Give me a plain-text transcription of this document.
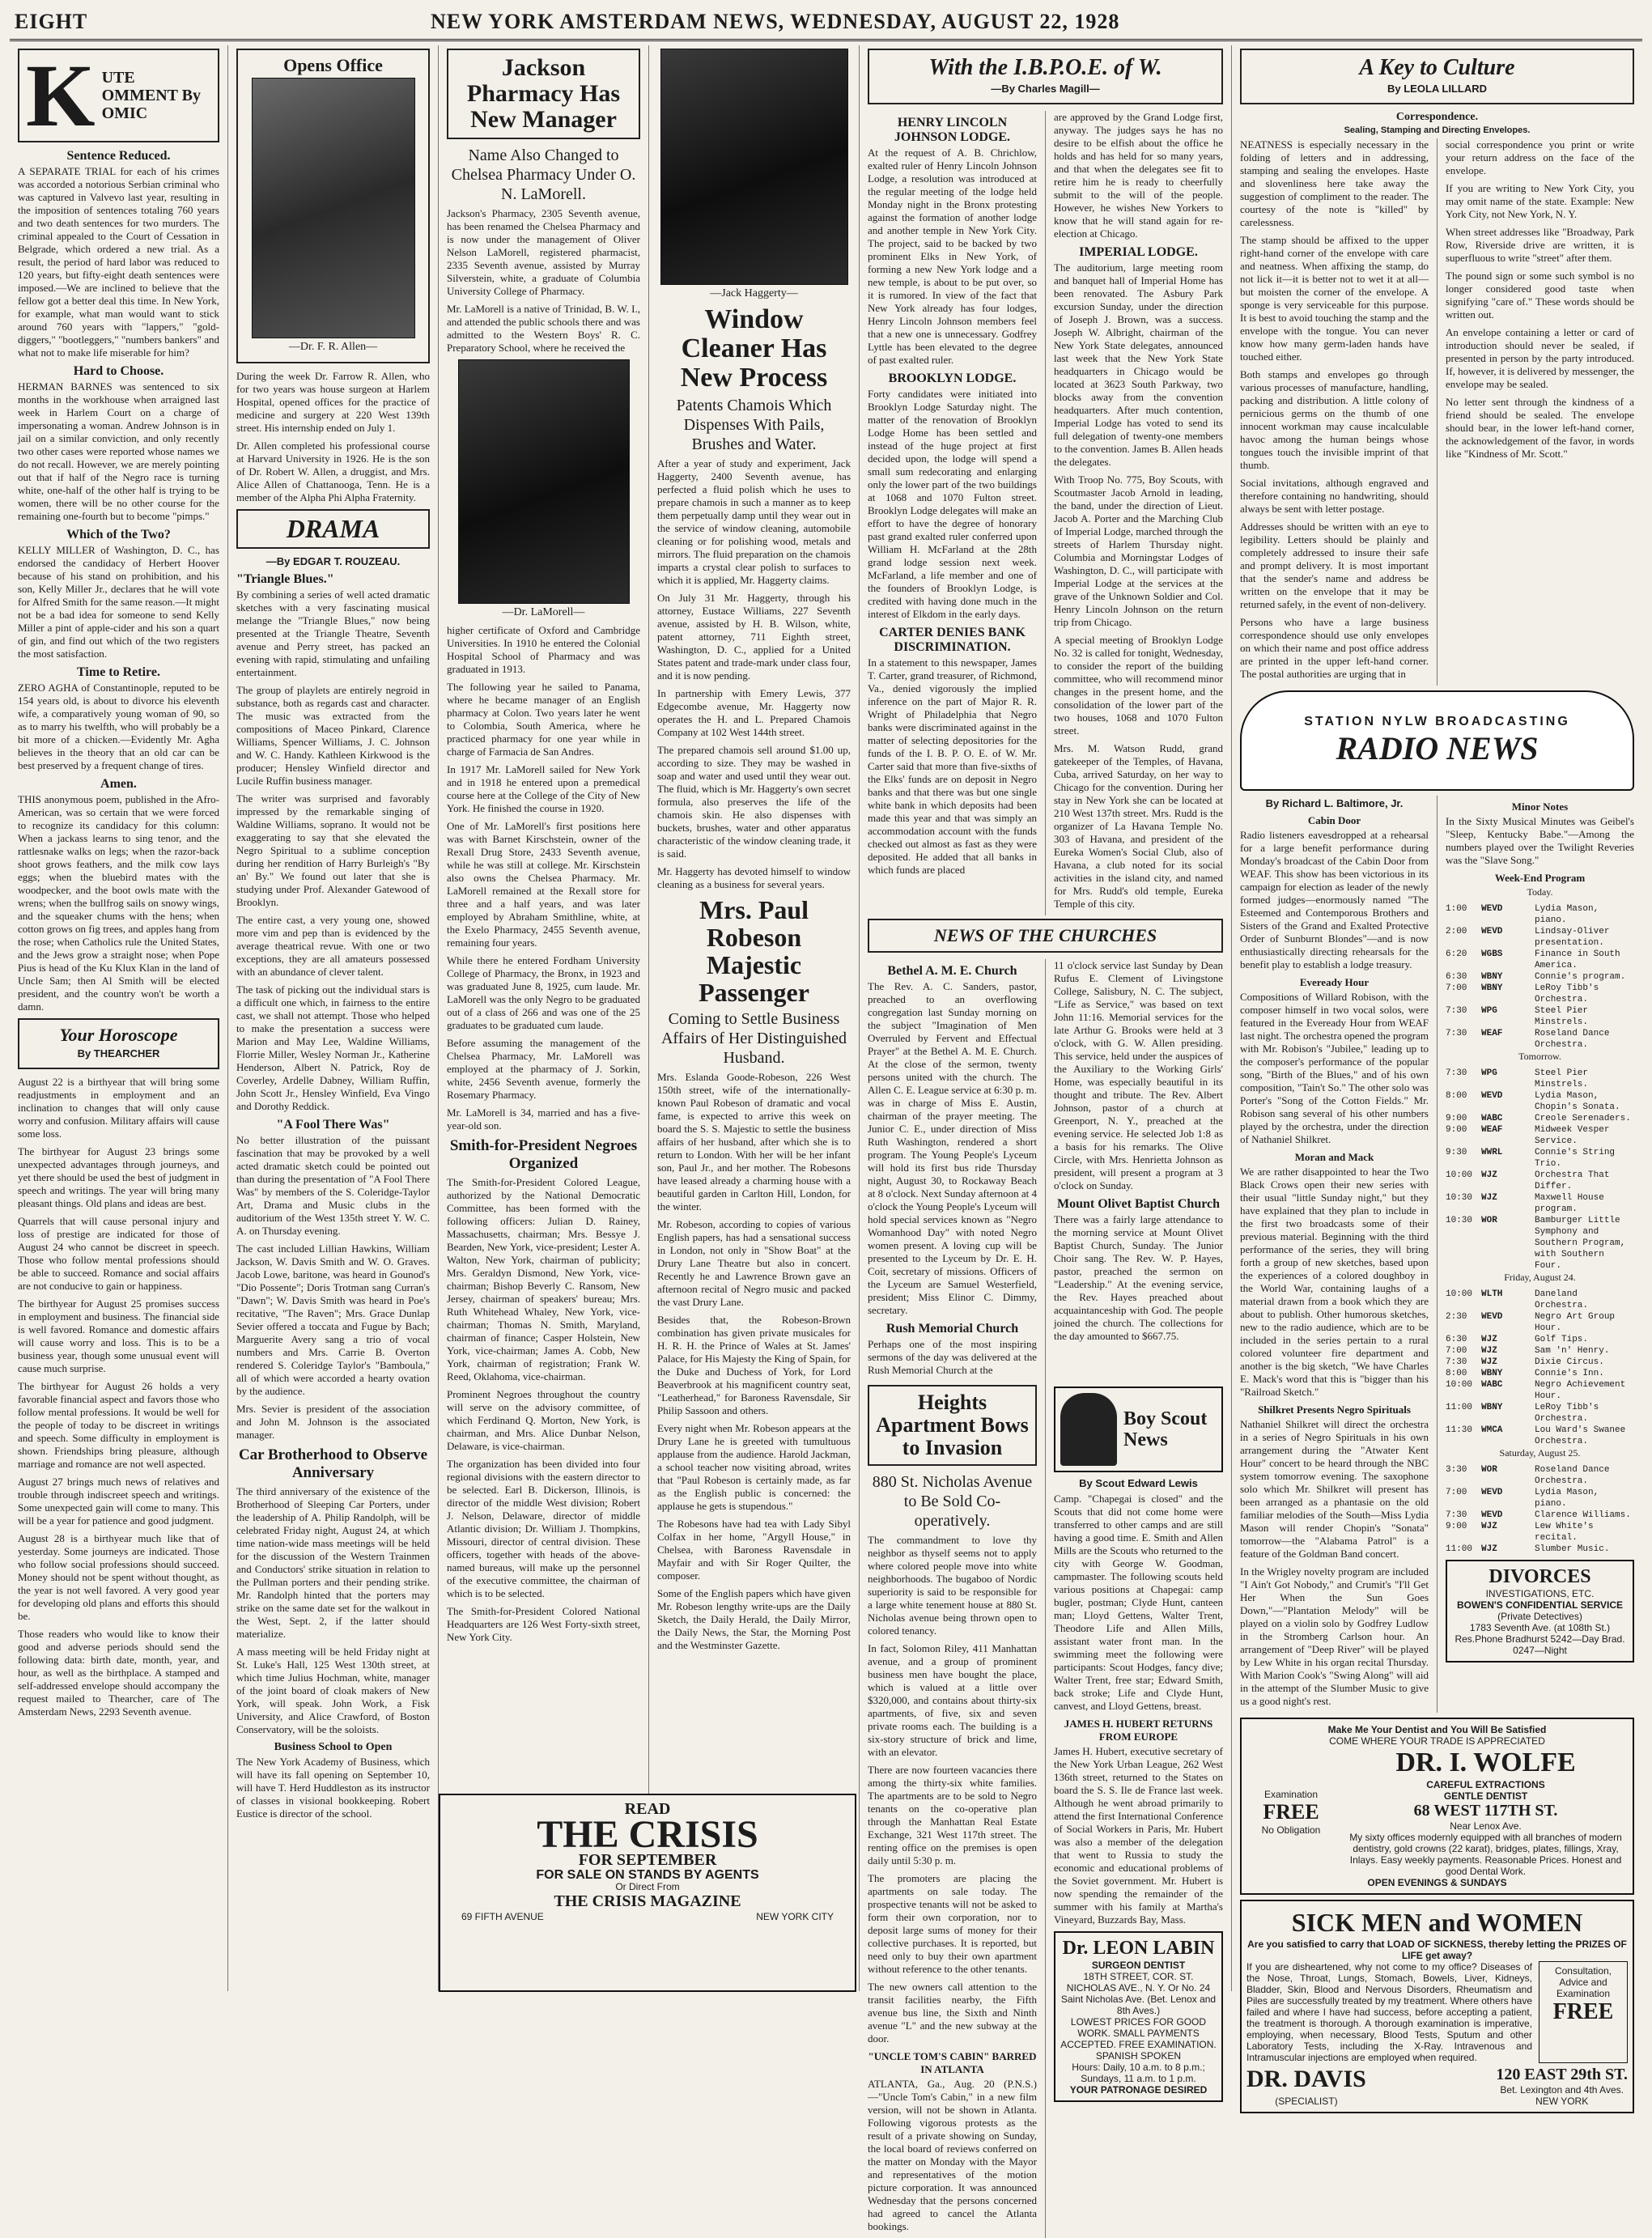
EIGHT	NEW YORK AMSTERDAM NEWS, WEDNESDAY, AUGUST 22, 1928
K UTE OMMENT By OMIC
Sentence Reduced.

A SEPARATE TRIAL for each of his crimes was accorded a notorious Serbian criminal who was captured in Valvevo last year, resulting in the imposition of sentences totaling 760 years and two death sentences for two murders. The criminal appealed to the Court of Cessation in Belgrade, which ordered a new trial. As a result, the period of hard labor was reduced to 120 years, but fifty-eight death sentences were imposed.—We are inclined to believe that the fellow got a better deal this time. In New York, for example, what man would want to stick around 760 years with "lappers," "gold-diggers," "bootleggers," "numbers bankers" and what not to make life miserable for him?

Hard to Choose.

HERMAN BARNES was sentenced to six months in the workhouse when arraigned last week in Harlem Court on a charge of impersonating a woman. Andrew Johnson is in jail on a similar conviction, and only recently two other cases were reported whose names we do not recall. However, we are merely pointing out that if half of the Negro race is turning white, one-half of the other half is trying to be women, there will be no other course for the remaining one-fourth but to become "pimps."

Which of the Two?

KELLY MILLER of Washington, D. C., has endorsed the candidacy of Herbert Hoover because of his stand on prohibition, and his son, Kelly Miller Jr., declares that he will vote for Alfred Smith for the same reason.—It might not be a bad idea for someone to send Kelly Miller a pint of apple-cider and his son a quart of gin, and find out which of the two registers the most satisfaction.

Time to Retire.

ZERO AGHA of Constantinople, reputed to be 154 years old, is about to divorce his eleventh wife, a comparatively young woman of 90, so as to marry his twelfth, who will probably be a bit more of a chicken.—Evidently Mr. Agha believes in the theory that an old car can be best preserved by a frequent change of tires.

Amen.

THIS anonymous poem, published in the Afro-American, was so certain that we were forced to recognize its candidacy for this column: When a jackass learns to sing tenor, and the rattlesnake walks on legs; when the razor-back shoot grows feathers, and the milk cow lays eggs; when the bluebird mates with the woodpecker, and the boot owls mate with the wrens; when the bullfrog sails on snowy wings, and the squeaker chums with the hens; when cotton grows on fig trees, and apples hang from the rose; when Catholics rule the United States, and the Jews grow a straight nose; when Pope Pius is head of the Ku Klux Klan in the land of Uncle Sam; then Al Smith will be elected president, and the country won't be worth a damn.

Your Horoscope
By THEARCHER

August 22 is a birthyear that will bring some readjustments in employment and an inclination to changes that will only cause worry and confusion. Military affairs will cause some loss.

The birthyear for August 23 brings some unexpected advantages through journeys, and yet there should be used the best of judgment in speech and writings. The year will bring many pleasant things. Old plans and ideas are best.

Quarrels that will cause personal injury and loss of prestige are indicated for those of August 24 who cannot be discreet in speech. Those who follow mental professions should be able to succeed. Romance and social affairs are not conducive to gain or happiness.

The birthyear for August 25 promises success in employment and business. The financial side is well favored. Romance and domestic affairs will cause worry and loss. This is to be a business year, though some unusual event will cause much surprise.

The birthyear for August 26 holds a very favorable financial aspect and favors those who follow mental professions. It would be well for the people of today to be discreet in writings and speech. Some difficulty in employment is shown. Friendships bring pleasure, although marriage and romance are not well aspected.

August 27 brings much news of relatives and trouble through indiscreet speech and writings. Some unexpected gain will come to many. This will be a year for patience and good judgment.

August 28 is a birthyear much like that of yesterday. Some journeys are indicated. Those who follow social professions should succeed. Money should not be spent without thought, as the year is not well favored. A very good year for developing old plans and efforts this should be.

Those readers who would like to know their good and adverse periods should send the following data: birth date, month, year, and hour, as well as the birthplace. A stamped and self-addressed envelope should accompany the request mailed to Thearcher, care of The Amsterdam News, 2293 Seventh avenue.

Opens Office
—Dr. F. R. Allen—

During the week Dr. Farrow R. Allen, who for two years was house surgeon at Harlem Hospital, opened offices for the practice of medicine and surgery at 220 West 139th street. His internship ended on July 1.

Dr. Allen completed his professional course at Harvard University in 1926. He is the son of Dr. Robert W. Allen, a druggist, and Mrs. Alice Allen of Chattanooga, Tenn. He is a member of the Alpha Phi Alpha Fraternity.

DRAMA
—By EDGAR T. ROUZEAU.
"Triangle Blues."

By combining a series of well acted dramatic sketches with a very fascinating musical melange the "Triangle Blues," now being presented at the Triangle Theatre, Seventh avenue and Perry street, has packed an evening with rapid, stimulating and unfailing entertainment.

The group of playlets are entirely negroid in substance, both as regards cast and character. The music was extracted from the compositions of Maceo Pinkard, Clarence Williams, Spencer Williams, J. C. Johnson and W. C. Handy. Kathleen Kirkwood is the producer; Hensley Winfield director and Lucile Ruffin business manager.

The writer was surprised and favorably impressed by the remarkable singing of Waldine Williams, soprano. It would not be exaggerating to say that she elevated the Negro Spiritual to a sublime conception during her rendition of Harry Burleigh's "By an' By." We found out later that she is studying under Prof. Alexander Gatewood of Brooklyn.

The entire cast, a very young one, showed more vim and pep than is evidenced by the average theatrical revue. With one or two exceptions, they are all amateurs possessed with an abundance of clever talent.

The task of picking out the individual stars is a difficult one which, in fairness to the entire cast, we shall not attempt. Those who helped to make the presentation a success were Marion and May Lee, Waldine Williams, Florrie Miller, Wesley Norman Jr., Katherine Henderson, Albert N. Patrick, Roy de Coverley, Ardelle Dabney, William Ruffin, John Scott Jr., Hensley Winfield, Eva Vingo and Dorothy Reddick.

"A Fool There Was"

No better illustration of the puissant fascination that may be provoked by a well acted dramatic sketch could be pointed out than during the presentation of "A Fool There Was" by members of the S. Coleridge-Taylor Art, Drama and Music clubs in the auditorium of the West 135th street Y. W. C. A. on Thursday evening.

The cast included Lillian Hawkins, William Jackson, W. Davis Smith and W. O. Graves. Jacob Lowe, baritone, was heard in Gounod's "Dio Possente"; Doris Trotman sang Curran's "Dawn"; W. Davis Smith was heard in Poe's recitative, "The Raven"; Mrs. Grace Dunlap Sevier offered a toccata and Fugue by Bach; Marguerite Avery sang a trio of vocal numbers and Mrs. Carrie B. Overton rendered S. Coleridge Taylor's "Bamboula," all of which were accorded a hearty ovation by the audience.

Mrs. Sevier is president of the association and John M. Johnson is the associated manager.

Car Brotherhood to Observe Anniversary

The third anniversary of the existence of the Brotherhood of Sleeping Car Porters, under the leadership of A. Philip Randolph, will be celebrated Friday night, August 24, at which time nation-wide mass meetings will be held for the discussion of the Western Trainmen and Conductors' strike situation in relation to the Pullman porters and their pending strike. Mr. Randolph hinted that the porters may strike on the same date set for the walkout in the West, Sept. 2, if the latter should materialize.

A mass meeting will be held Friday night at St. Luke's Hall, 125 West 130th street, at which time Julius Hochman, white, manager of the joint board of cloak makers of New York, will speak. John Work, a Fisk University, and Alice Crawford, of Boston Conservatory, will be the soloists.

Business School to Open

The New York Academy of Business, which will have its fall opening on September 10, will have T. Herd Huddleston as its instructor of classes in visional bookkeeping. Robert Eustice is director of the school.

Jackson Pharmacy Has New Manager
Name Also Changed to Chelsea Pharmacy Under O. N. LaMorell.

Jackson's Pharmacy, 2305 Seventh avenue, has been renamed the Chelsea Pharmacy and is now under the management of Oliver Nelson LaMorell, registered pharmacist, 2335 Seventh avenue, assisted by Murray Silverstein, white, a graduate of Columbia University College of Pharmacy.

Mr. LaMorell is a native of Trinidad, B. W. I., and attended the public schools there and was admitted to the Western Boys' R. C. Preparatory School, where he received the

—Dr. LaMorell—

higher certificate of Oxford and Cambridge Universities. In 1910 he entered the Colonial Hospital School of Pharmacy and was graduated in 1913.

The following year he sailed to Panama, where he became manager of an English pharmacy at Colon. Two years later he went to Colombia, South America, where he practiced pharmacy for one year while in charge of Farmacia de San Andres.

In 1917 Mr. LaMorell sailed for New York and in 1918 he entered upon a premedical course here at the College of the City of New York. He finished the course in 1920.

One of Mr. LaMorell's first positions here was with Barnet Kirschstein, owner of the Rexall Drug Store, 2433 Seventh avenue, while he was still at college. Mr. Kirschstein also owns the Chelsea Pharmacy. Mr. LaMorell remained at the Rexall store for three and a half years, and was later employed by Abraham Smithline, white, at the Exelo Pharmacy, 2455 Seventh avenue, remaining four years.

While there he entered Fordham University College of Pharmacy, the Bronx, in 1923 and was graduated June 8, 1925, cum laude. Mr. LaMorell was the only Negro to be graduated out of a class of 266 and was one of the 25 graduates to be graduated cum laude.

Before assuming the management of the Chelsea Pharmacy, Mr. LaMorell was employed at the pharmacy of J. Sorkin, white, 2456 Seventh avenue, formerly the Rosemary Pharmacy.

Mr. LaMorell is 34, married and has a five-year-old son.

Smith-for-President Negroes Organized

The Smith-for-President Colored League, authorized by the National Democratic Committee, has been formed with the following officers: Julian D. Rainey, Massachusetts, chairman; Mrs. Bessye J. Bearden, New York, vice-president; Lester A. Walton, New York, chairman of publicity; Mrs. Geraldyn Dismond, New York, vice-chairman; Bishop Beverly C. Ransom, New Jersey, chairman of speakers' bureau; Mrs. Ruth Whitehead Whaley, New York, vice-chairman; Thomas N. Smith, Maryland, chairman of finance; Casper Holstein, New York, vice-chairman; James A. Cobb, New York, chairman of registration; Frank W. Reed, Oklahoma, vice-chairman.

Prominent Negroes throughout the country will serve on the advisory committee, of which Ferdinand Q. Morton, New York, is chairman, and Mrs. Alice Dunbar Nelson, Delaware, is vice-chairman.

The organization has been divided into four regional divisions with the eastern director to be selected. Earl B. Dickerson, Illinois, is director of the middle West division; Robert J. Nelson, Delaware, director of middle Atlantic division; Dr. William J. Thompkins, Missouri, director of central division. These officers, together with heads of the above-named bureaus, will make up the personnel of the executive committee, the chairman of which is to be selected.

The Smith-for-President Colored National Headquarters are 126 West Forty-sixth street, New York City.

—Jack Haggerty—
Window Cleaner Has New Process
Patents Chamois Which Dispenses With Pails, Brushes and Water.

After a year of study and experiment, Jack Haggerty, 2400 Seventh avenue, has perfected a fluid polish which he uses to prepare chamois in such a manner as to keep them perpetually damp until they wear out in the service of window cleaning, automobile cleaning or for polishing wood, metals and mirrors. The fluid preparation on the chamois imparts a crystal clear polish to surfaces to which it is applied, Mr. Haggerty claims.

On July 31 Mr. Haggerty, through his attorney, Eustace Williams, 227 Seventh avenue, assisted by H. B. Wilson, white, patent attorney, 711 Eighth street, Washington, D. C., applied for a United States patent and trade-mark under class four, and it is now pending.

In partnership with Emery Lewis, 377 Edgecombe avenue, Mr. Haggerty now operates the H. and L. Prepared Chamois Company at 102 West 144th street.

The prepared chamois sell around $1.00 up, according to size. They may be washed in soap and water and used until they wear out. The fluid, which is Mr. Haggerty's own secret formula, also preserves the life of the chamois skin. He also dispenses with buckets, brushes, water and other apparatus characteristic of the window cleaning trade, it is said.

Mr. Haggerty has devoted himself to window cleaning as a business for several years.

Mrs. Paul Robeson Majestic Passenger
Coming to Settle Business Affairs of Her Distinguished Husband.

Mrs. Eslanda Goode-Robeson, 226 West 150th street, wife of the internationally-known Paul Robeson of dramatic and vocal fame, is expected to arrive this week on board the S. S. Majestic to settle the business affairs of her husband, after which she is to return to London. With her will be her infant son, Paul Jr., and her mother. The Robesons have leased already a charming house with a beautiful garden in Carlton Hill, London, for the winter.

Mr. Robeson, according to copies of various English papers, has had a sensational success in London, not only in "Show Boat" at the Drury Lane Theatre but also in concert. Recently he and Lawrence Brown gave an afternoon recital of Negro music and packed the vast Drury Lane.

Besides that, the Robeson-Brown combination has given private musicales for H. R. H. the Prince of Wales at St. James' Palace, for His Majesty the King of Spain, for the Duke and Duchess of York, for Lord Beaverbrook at his magnificent country seat, "Leatherhead," for Baroness Ravensdale, Sir Philip Sassoon and others.

Every night when Mr. Robeson appears at the Drury Lane he is greeted with tumultuous applause from the audience. Harold Jackman, a school teacher now visiting abroad, writes that "Paul Robeson is certainly made, as far as the English public is concerned: the applause he gets is stupendous."

The Robesons have had tea with Lady Sibyl Colfax in her home, "Argyll House," in Chelsea, with Baroness Ravensdale in Mayfair and with Sir Roger Quilter, the composer.

Some of the English papers which have given Mr. Robeson lengthy write-ups are the Daily Sketch, the Daily Herald, the Daily Mirror, the Daily News, the Star, the Morning Post and the Westminster Gazette.

READ
THE CRISIS
FOR SEPTEMBER
FOR SALE ON STANDS BY AGENTS
Or Direct From
THE CRISIS MAGAZINE
69 FIFTH AVENUE	NEW YORK CITY
With the I.B.P.O.E. of W.
—By Charles Magill—
HENRY LINCOLN JOHNSON LODGE.

At the request of A. B. Chrichlow, exalted ruler of Henry Lincoln Johnson Lodge, a resolution was introduced at the regular meeting of the lodge held Monday night in the Bronx protesting against the formation of another lodge and another temple in New York City. The project, said to be backed by two prominent Elks in New York, of forming a new New York lodge and a new temple, is about to be put over, so it is rumored. In view of the fact that New York already has four lodges, Henry Lincoln Johnson members feel that a new one is unnecessary. Godfrey Lyttle has been elevated to the degree of past exalted ruler.

BROOKLYN LODGE.

Forty candidates were initiated into Brooklyn Lodge Saturday night. The matter of the renovation of Brooklyn Lodge Home has been settled and instead of the huge project at first decided upon, the lodge will spend a small sum redecorating and enlarging only the lower part of the two buildings at 1068 and 1070 Fulton street. Brooklyn Lodge delegates will make an effort to have the degree of honorary past grand exalted ruler conferred upon William H. McFarland at the 28th grand lodge session next week. McFarland, a life member and one of the founders of Brooklyn Lodge, is credited with having done much in the interest of Elkdom in the early days.

CARTER DENIES BANK DISCRIMINATION.

In a statement to this newspaper, James T. Carter, grand treasurer, of Richmond, Va., denied vigorously the implied inference on the part of Major R. R. Wright of Philadelphia that Negro banks were discriminated against in the matter of selecting depositories for the funds of the I. B. P. O. E. of W. Mr. Carter said that more than five-sixths of the Elks' funds are on deposit in Negro banks and that there was but one single white bank in which deposits had been made this year and that was simply an accommodation account with the funds checked out almost as fast as they were deposited. He added that all banks in which funds are placed

are approved by the Grand Lodge first, anyway. The judges says he has no desire to be elfish about the office he holds and has held for so many years, and that when the delegates see fit to retire him he is ready to cheerfully submit to the will of the people. However, he wishes New Yorkers to know that he will stand again for re-election at Chicago.

IMPERIAL LODGE.

The auditorium, large meeting room and banquet hall of Imperial Home has been renovated. The Asbury Park excursion Sunday, under the direction of Joseph J. Brown, was a success. Joseph W. Albright, chairman of the New York State delegates, announced last week that the New York State headquarters in Chicago would be located at 3623 South Parkway, two blocks away from the convention headquarters. After much contention, Imperial Lodge has voted to send its full delegation of twenty-one members to the convention. James B. Allen heads the delegates.

With Troop No. 775, Boy Scouts, with Scoutmaster Jacob Arnold in leading, the band, under the direction of Lieut. Jacob A. Porter and the Marching Club of Imperial Lodge, marched through the streets of Harlem Thursday night. Columbia and Morningstar Lodges of Washington, D. C., will participate with Imperial Lodge at the services at the grave of the Unknown Soldier and Col. Henry Lincoln Johnson on the return trip from Chicago.

A special meeting of Brooklyn Lodge No. 32 is called for tonight, Wednesday, to consider the report of the building committee, who will recommend minor changes in the present home, and the consolidation of the lower part of the two houses, 1068 and 1070 Fulton street.

Mrs. M. Watson Rudd, grand gatekeeper of the Temples, of Havana, Cuba, arrived Saturday, on her way to Chicago for the convention. During her stay in New York she can be located at 210 West 137th street. Mrs. Rudd is the organizer of La Havana Temple No. 303 of Havana, and president of the Eureka Women's Social Club, also of Havana, a club noted for its social activities in the island city, and named for Mrs. Rudd's old temple, Eureka Temple of this city.

NEWS OF THE CHURCHES
Bethel A. M. E. Church

The Rev. A. C. Sanders, pastor, preached to an overflowing congregation last Sunday morning on the subject "Imagination of Men Overruled by Fervent and Effectual Prayer" at the Bethel A. M. E. Church. At the close of the sermon, twenty persons united with the church. The Allen C. E. League service at 6:30 p. m. was in charge of Miss E. Austin, chairman of the prayer meeting. The Junior C. E., under direction of Miss Ruth Washington, rendered a short program. The Young People's Lyceum will hold its first bus ride Thursday night, August 30, to Rockaway Beach at 8 o'clock. Next Sunday afternoon at 4 o'clock the Young People's Lyceum will hold special services known as "Negro Womanhood Day" with noted Negro women present. A loving cup will be presented to the Lyceum by Dr. E. H. Coit, secretary of missions. Officers of the Lyceum are Samuel Westerfield, president; Miss Elinor C. Dimmy, secretary.

Rush Memorial Church

Perhaps one of the most inspiring sermons of the day was delivered at the Rush Memorial Church at the

11 o'clock service last Sunday by Dean Rufus E. Clement of Livingstone College, Salisbury, N. C. The subject, "Life as Service," was based on text John 11:16. Memorial services for the late Arthur G. Brooks were held at 3 o'clock, with G. W. Allen presiding. This service, held under the auspices of the Auxiliary to the Working Girls' Home, was especially beautiful in its thought and tribute. The Rev. Albert Johnson, pastor of a church at Greenport, N. Y., preached at the evening service. He selected Job 1:8 as a basis for his remarks. The Olive Circle, with Mrs. Henrietta Johnson as president, will present a program at 3 o'clock on Sunday.

Mount Olivet Baptist Church

There was a fairly large attendance to the morning service at Mount Olivet Baptist Church, Sunday. The Junior Choir sang. The Rev. W. P. Hayes, pastor, preached the sermon on "Leadership." At the evening service, the Rev. Hayes preached about acquaintanceship with God. The people joined the church. The collections for the day amounted to $667.75.

Heights Apartment Bows to Invasion
880 St. Nicholas Avenue to Be Sold Co-operatively.

The commandment to love thy neighbor as thyself seems not to apply where colored people move into white neighborhoods. The bugaboo of Nordic superiority is said to be responsible for a large white tenement house at 880 St. Nicholas avenue being thrown open to colored tenancy.

In fact, Solomon Riley, 411 Manhattan avenue, and a group of prominent business men have bought the place, which is valued at a little over $320,000, and contains about thirty-six apartments, of five, six and seven private rooms each. The building is a six-story structure of brick and lime, with an elevator.

There are now fourteen vacancies there among the thirty-six white families. The apartments are to be sold to Negro tenants on the co-operative plan through the Manhattan Real Estate Exchange, 321 West 117th street. The renting office on the premises is open daily until 5:30 p. m.

The promoters are placing the apartments on sale today. The prospective tenants will not be asked to form their own corporation, nor to deposit large sums of money for their collective purchases. It is reported, but need only to buy their own apartment without reference to the other tenants.

The new owners call attention to the transit facilities nearby, the Fifth avenue bus line, the Sixth and Ninth avenue "L" and the new subway at the door.

"UNCLE TOM'S CABIN" BARRED IN ATLANTA

ATLANTA, Ga., Aug. 20 (P.N.S.)—"Uncle Tom's Cabin," in a new film version, will not be shown in Atlanta. Following vigorous protests as the result of a private showing on Sunday, the local board of reviews conferred on the matter on Monday with the Mayor and representatives of the motion picture corporation. It was announced Wednesday that the persons concerned had agreed to cancel the Atlanta bookings.

Boy Scout News
By Scout Edward Lewis

Camp. "Chapegai is closed" and the Scouts that did not come home were transferred to other camps and are still having a good time. E. Smith and Allen Mills are the Scouts who returned to the city with George W. Goodman, campmaster. The following scouts held various positions at Chapegai: camp bugler, postman; Clyde Hunt, canteen man; Lloyd Gettens, Walter Trent, Theodore Life and Allen Mills, assistant water front man. In the swimming meet the following were participants: Scout Hodges, fancy dive; Walter Trent, free star; Edward Smith, back stroke; Life and Clyde Hunt, canvest, and Lloyd Gettens, breast.

JAMES H. HUBERT RETURNS FROM EUROPE

James H. Hubert, executive secretary of the New York Urban League, 262 West 136th street, returned to the States on board the S. S. Ile de France last week. Although he went abroad primarily to attend the first International Conference of Social Workers in Paris, Mr. Hubert was also a member of the delegation that went to Russia to study the economic and educational problems of the Soviet government. Mr. Hubert is now spending the remainder of the summer with his family at Martha's Vineyard, Buzzards Bay, Mass.

Dr. LEON LABIN
SURGEON DENTIST
18TH STREET, COR. ST. NICHOLAS AVE., N. Y. Or No. 24 Saint Nicholas Ave. (Bet. Lenox and 8th Aves.)
LOWEST PRICES FOR GOOD WORK. SMALL PAYMENTS ACCEPTED. FREE EXAMINATION. SPANISH SPOKEN
Hours: Daily, 10 a.m. to 8 p.m.; Sundays, 11 a.m. to 1 p.m.
YOUR PATRONAGE DESIRED
A Key to Culture
By LEOLA LILLARD
Correspondence.
Sealing, Stamping and Directing Envelopes.

NEATNESS is especially necessary in the folding of letters and in addressing, stamping and sealing the envelopes. Haste and slovenliness here take away the suggestion of compliment to the reader. The courtesy of the note is "killed" by carelessness.

The stamp should be affixed to the upper right-hand corner of the envelope with care and neatness. When affixing the stamp, do not lick it—it is better not to wet it at all—but moisten the corner of the envelope. A sponge is very serviceable for this purpose. It is best to avoid touching the stamp and the envelope with the tongue. You can never know how many germ-laden hands have touched either.

Both stamps and envelopes go through various processes of manufacture, handling, packing and distribution. A little colony of pernicious germs on the thumb of one innocent workman may cause incalculable havoc among the human beings whose tongues touch the invisible imprint of that thumb.

Social invitations, although engraved and therefore containing no handwriting, should always be sent with letter postage.

Addresses should be written with an eye to legibility. Letters should be plainly and completely addressed to insure their safe and prompt delivery. It is most important that the sender's name and address be written on the envelope that it may be returned safely, in the event of non-delivery.

Persons who have a large business correspondence should use only envelopes on which their name and post office address are printed in the upper left-hand corner. The postal authorities are urging that in

social correspondence you print or write your return address on the face of the envelope.

If you are writing to New York City, you may omit name of the state. Example: New York City, not New York, N. Y.

When street addresses like "Broadway, Park Row, Riverside drive are written, it is superfluous to write "street" after them.

The pound sign or some such symbol is no longer considered good taste when signifying "care of." These words should be written out.

An envelope containing a letter or card of introduction should never be sealed, if presented in person by the party introduced. If, however, it is delivered by messenger, the envelope may be sealed.

No letter sent through the kindness of a friend should be sealed. The envelope should bear, in the lower left-hand corner, the acknowledgement of the favor, in words like "Kindness of Mr. Scott."

STATION NYLW BROADCASTING
RADIO NEWS
By Richard L. Baltimore, Jr.
Cabin Door

Radio listeners eavesdropped at a rehearsal for a large benefit performance during Monday's broadcast of the Cabin Door from WEAF. This show has been victorious in its campaign for election as leader of the newly formed judges—enormously named "The Esteemed and Contemporous Brothers and Sisters of the Grand and Exalted Protective Order of Sunburnt Blondes"—and is now enthusiastically directing rehearsals for the benefit play to establish a lodge treasury.

Eveready Hour

Compositions of Willard Robison, with the composer himself in two vocal solos, were featured in the Eveready Hour from WEAF last night. The orchestra opened the program with Mr. Robison's "Jubilee," leading up to the composer's performance of the popular song, "Birth of the Blues," and of his own composition, "Tain't So." The other solo was Porter's "Song of the Cotton Fields." Mr. Robison sang several of his other numbers played by the orchestra, under the direction of Nathaniel Shilkret.

Moran and Mack

We are rather disappointed to hear the Two Black Crows open their new series with their usual "little Sunday night," but they have explained that they plan to include in the first two broadcasts some of their previous material. Beginning with the third performance of the series, they will bring forth a group of new sketches, based upon the experiences of a colored doughboy in the World War, containing laughs of a material drawn from a book which they are about to publish. Other humorous sketches, new to the radio audience, which are to be included in the series pertain to a rural colored volunteer fire department and another is the big sketch, "We have Charles E. Mack's word that this is "bigger than his "Railroad Sketch."

Shilkret Presents Negro Spirituals

Nathaniel Shilkret will direct the orchestra in a series of Negro Spirituals in his own arrangement during the "Atwater Kent Hour" concert to be heard through the NBC system tomorrow evening. The saxophone solo which Mr. Shilkret will present has been arranged as a phantasie on the old familiar melodies of the South—Miss Lydia Mason will render Chopin's "Sonata" tomorrow—the "Alabama Patrol" is a feature of the Goldman Band concert.

In the Wrigley novelty program are included "I Ain't Got Nobody," and Crumit's "I'll Get Her When the Sun Goes Down,"—"Plantation Melody" will be played on a violin solo by Godfrey Ludlow in the Stromberg Carlson hour. An arrangement of "Deep River" will be played by Lew White in his organ recital Thursday. With Marion Cook's "Swing Along" will aid in the attempt of the Slumber Music to give us a good night's rest.

Minor Notes

In the Sixty Musical Minutes was Geibel's "Sleep, Kentucky Babe."—Among the numbers played over the Twilight Reveries was the "Slave Song."

Week-End Program
Today.
1:00	WEVD	Lydia Mason, piano.
2:00	WEVD	Lindsay-Oliver presentation.
6:20	WGBS	Finance in South America.
6:30	WBNY	Connie's program.
7:00	WBNY	LeRoy Tibb's Orchestra.
7:30	WPG	Steel Pier Minstrels.
7:30	WEAF	Roseland Dance Orchestra.
Tomorrow.
7:30	WPG	Steel Pier Minstrels.
8:00	WEVD	Lydia Mason, Chopin's Sonata.
9:00	WABC	Creole Serenaders.
9:00	WEAF	Midweek Vesper Service.
9:30	WWRL	Connie's String Trio.
10:00 WJZ	Orchestra That Differ.
10:30 WJZ	Maxwell House program.
10:30 WOR	Bamburger Little Symphony and Southern Program, with Southern Four.
Friday, August 24.
10:00 WLTH	Daneland Orchestra.
2:30	WEVD	Negro Art Group Hour.
6:30	WJZ	Golf Tips.
7:00	WJZ	Sam 'n' Henry.
7:30	WJZ	Dixie Circus.
8:00	WBNY	Connie's Inn.
10:00 WABC	Negro Achievement Hour.
11:00 WBNY	LeRoy Tibb's Orchestra.
11:30 WMCA	Lou Ward's Swanee Orchestra.
Saturday, August 25.
3:30	WOR	Roseland Dance Orchestra.
7:00	WEVD	Lydia Mason, piano.
7:30	WEVD	Clarence Williams.
9:00	WJZ	Lew White's recital.
11:00 WJZ	Slumber Music.
DIVORCES
INVESTIGATIONS, ETC.
BOWEN'S CONFIDENTIAL SERVICE
(Private Detectives)
1783 Seventh Ave. (at 108th St.)
Res.Phone Bradhurst 5242—Day Brad. 0247—Night
Make Me Your Dentist and You Will Be Satisfied
COME WHERE YOUR TRADE IS APPRECIATED
Examination
FREE
No Obligation
DR. I. WOLFE
CAREFUL EXTRACTIONS
GENTLE DENTIST
68 WEST 117TH ST.
Near Lenox Ave.
My sixty offices modernly equipped with all branches of modern dentistry, gold crowns (22 karat), bridges, plates, fillings, Xray, Inlays. Easy weekly payments. Reasonable Prices. Honest and good Dental Work.
OPEN EVENINGS & SUNDAYS
SICK MEN and WOMEN
Are you satisfied to carry that LOAD OF SICKNESS, thereby letting the PRIZES OF LIFE get away?
If you are disheartened, why not come to my office? Diseases of the Nose, Throat, Lungs, Stomach, Bowels, Liver, Kidneys, Bladder, Skin, Blood and Nervous Disorders, Rheumatism and Piles are successfully treated by my treatment. Where others have failed and where I have had success, before accepting a patient, the treatment is thorough. A thorough examination is imperative, employing, when necessary, Blood Tests, Sputum and other Laboratory Tests, including the X-Ray. Intravenous and Intramuscular injections are employed when required.
Consultation, Advice and Examination
FREE
DR. DAVIS
(SPECIALIST)
120 EAST 29th ST.
Bet. Lexington and 4th Aves.
NEW YORK
